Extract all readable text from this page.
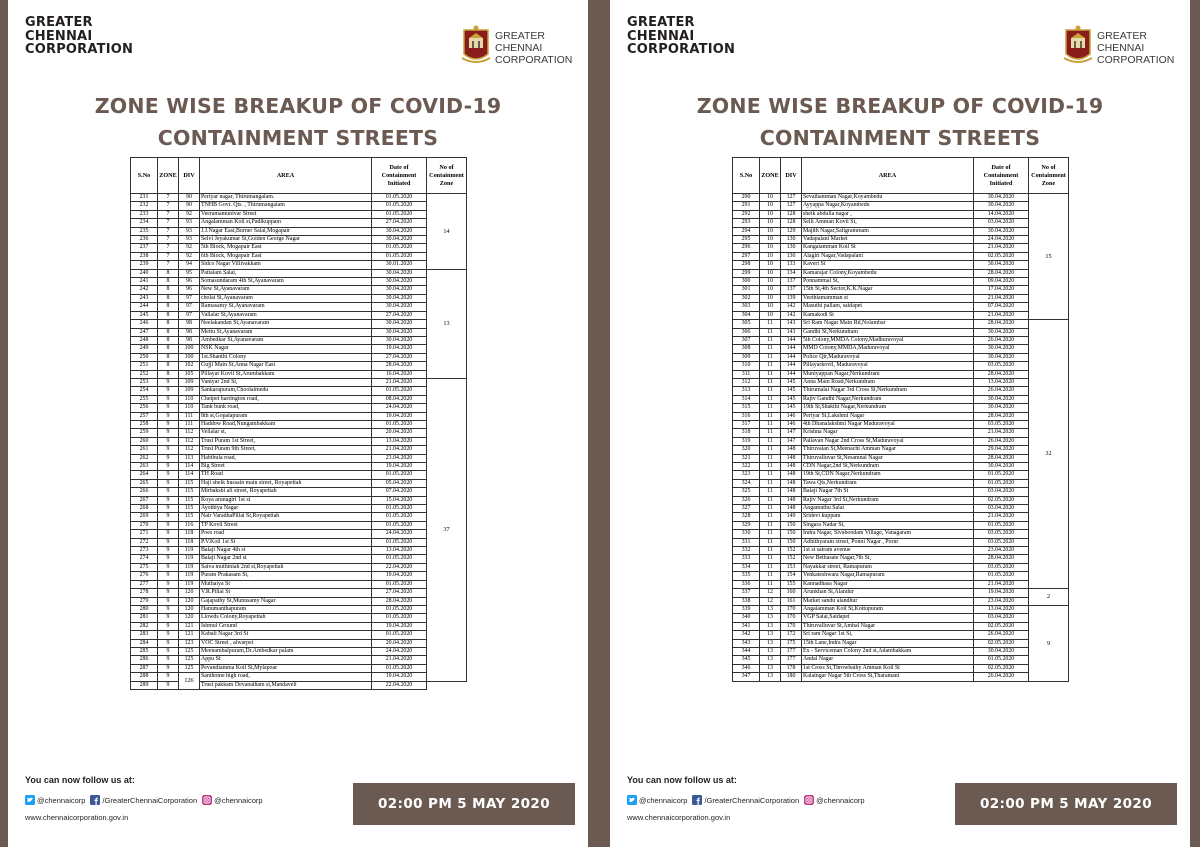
GREATER
CHENNAI
CORPORATION
GREATER
CHENNAI
CORPORATION
ZONE WISE BREAKUP OF COVID-19
CONTAINMENT STREETS
S.No	ZONE	DIV	AREA	Date of Containment Initiated	No of Containment Zone
231	7	90	Periyar nagar, Thirumangalam.	01.05.2020	14
232	7	90	TNHB Govt. Qts. , Thirumangalam	01.05.2020	
233	7	92	Veeramamunivar Street	01.05.2020	
234	7	93	Angalamman Koil st,Padikuppam	27.04.2020	
235	7	93	J.J.Nagar East,Burner Salai,Mogapair	30.04.2020	
236	7	93	Selvi Jeyakumar St,Golden George Nagar	30.04.2020	
237	7	92	5th Block, Mogapair East	01.05.2020	
238	7	92	6th Block, Mogapair East	01.05.2020	
239	7	94	Sidco Nagar Villivakkam	30.01.2020	
240	8	95	Pattalam Salai,	30.04.2020	13
241	8	96	Somasundaram 4th St,Ayanavaram	30.04.2020	
242	8	96	New St,Ayanavaram	30.04.2020	
243	8	97	cholai St,Ayanavaram	30.04.2020	
244	8	97	Ramasamy St,Ayanavaram	30.04.2020	
245	8	97	Vallalar St,Ayanavaram	27.04.2020	
246	8	98	Neelakandan St,Ayanavaram	30.04.2020	
247	8	98	Mettu St,Ayanavaram	30.04.2020	
248	8	98	Ambedkar St,Ayanavaram	30.04.2020	
249	8	100	NSK Nagar	19.04.2020	
250	8	100	1st.Shanthi Colony	27.04.2020	
251	8	102	Gujji Main St,Anna Nagar East	28.04.2020	
252	8	105	Pillayar Kovil St,Arumbakkam	16.04.2020	
253	9	109	Vaniyar 2nd St,	21.04.2020	37
254	9	109	Sankarapuram,Choolaimedu	01.05.2020	
255	9	110	Chetpet harrington road,	08.04.2020	
256	9	110	Tank bunk road,	24.04.2020	
257	9	111	8th st,Gopalapuram	19.04.2020	
258	9	111	Haddow Road,Nungambakkam	01.05.2020	
259	9	112	Vellalar st,	20.04.2020	
260	9	112	Trust Puram 1st Street,	13.04.2020	
261	9	112	Trust Puram 9th Street,	21.04.2020	
262	9	113	Habibula road,	23.04.2020	
263	9	114	Big Street	19.04.2020	
264	9	114	TH Road	01.05.2020	
265	9	115	Haji sheik hussain main street, Royapettah	05.04.2020	
266	9	115	Mirbakshi ali street, Royapettah	07.04.2020	
267	9	115	Koya arunagiri 1st st	15.04.2020	
268	9	115	Ayothiya Nagar	01.05.2020	
269	9	115	Nair VaradhaPillai St,Royapettah	01.05.2020	
270	9	116	TP Kovil Street	01.05.2020	
271	9	118	Poes road	24.04.2020	
272	9	118	P.V.Koil 1st St	01.05.2020	
273	9	119	Balaji Nagar 4th st	13.04.2020	
274	9	119	Balaji Nagar 2nd st	01.05.2020	
275	9	119	Saiva muthiniah 2nd st,Royapettah	22.04.2020	
276	9	119	Puram Prakasam St,	19.04.2020	
277	9	119	Muthaiya St	01.05.2020	
278	9	120	V.R.Pillai St	27.04.2020	
279	9	120	Gajapathy St,Munusamy Nagar	28.04.2020	
280	9	120	Hanumanthapuram	01.05.2020	
281	9	120	Llowds Colony,Royapettah	01.05.2020	
282	9	121	Ishmul Ground	19.04.2020	
283	9	121	Kabali Nagar 3rd St	01.05.2020	
284	9	123	VOC Street , alwarpet	20.04.2020	
285	9	125	Meenambalpuram,Dr.Ambedkar palam	24.04.2020	
286	9	125	Appu St	21.04.2020	
287	9	125	Pevandiamma Koil St,Mylapoar	01.05.2020	
288	9	126	Santhome high road,	19.04.2020	
289	9		Trust pakkam Devanatham st,Mandaveli	22.04.2020	
You can now follow us at:
@chennaicorp /GreaterChennaiCorporation @chennaicorp
www.chennaicorporation.gov.in
02:00 PM 5 MAY 2020
GREATER
CHENNAI
CORPORATION
GREATER
CHENNAI
CORPORATION
ZONE WISE BREAKUP OF COVID-19
CONTAINMENT STREETS
S.No	ZONE	DIV	AREA	Date of Containment Initiated	No of Containment Zone
290	10	127	Sevathamman Nagar,Koyambedu	30.04.2020	15
291	10	127	Ayyappa Nagar,Koyambedu	30.04.2020	
292	10	128	sheik abdulla nagar ,	14.04.2020	
293	10	128	Selli Amman Kovil St,	03.04.2020	
294	10	129	Majith Nagar,Saligrammam	30.04.2020	
295	10	130	Vadapalani Market	24.04.2020	
296	10	130	Kangaiamman Koil St	21.04.2020	
297	10	130	Alagiri Nagar,Vadapalani	02.05.2020	
298	10	133	Kaveri St	30.04.2020	
299	10	134	Kamarajar Colony,Koyambedu	28.04.2020	
300	10	137	Ponnammal St,	09.04.2020	
301	10	137	15th St,4th Sector,K.K.Nagar	17.04.2020	
302	10	139	Veethiamamman st	21.04.2020	
303	10	142	Masuthi pallam, saidapet	07.04.2020	
304	10	142	Kamakodi St	21.04.2020	
305	11	143	Sri Ram Nagar Main Rd,Nolambar	28.04.2020	32
306	11	143	Gandhi St,Nerkundram	30.04.2020	
307	11	144	5th Colony,MMDA Colony,Madhuravoyal	26.04.2020	
308	11	144	MMD Colony,MMDA,Maduravoyal	30.04.2020	
309	11	144	Police Qtr,Maduravoyal	30.04.2020	
310	11	144	Pillayarkovil, Maduravoyal	03.05.2020	
311	11	144	Muniyappan Nagar,Nerkundram	28.04.2020	
312	11	145	Anna Main Road,Nerkundram	13.04.2020	
313	11	145	Thirumalai Nagar 3rd Cross St,Nerkundram	26.04.2020	
314	11	145	Rajiv Gandhi Nagar,Nerkundram	30.04.2020	
315	11	145	19th St,Shakthi Nagar,Nerkundram	30.04.2020	
316	11	146	Periyar St,Lakshmi Nagar	28.04.2020	
317	11	146	4th Dhanalakshmi Nagar Maduravoyal	03.05.2020	
318	11	147	Krishna Nagar	21.04.2020	
319	11	147	Pallavan Nagar 2nd Cross St,Maduravoyal	26.04.2020	
320	11	148	Thiruvalan St,Meenachi Amman Nagar	29.04.2020	
321	11	148	Thiruvalluvar St,Nesamnal Nagar	28.04.2020	
322	11	148	CDN Nagar,2nd St,Nerkundram	30.04.2020	
323	11	148	19th St,CDN Nagar,Nerkundram	01.05.2020	
324	11	148	Tawa Qts,Nerkundram	01.05.2020	
325	11	148	Balaji Nagar 7th St	03.04.2020	
326	11	148	Rajiv Nagar 3rd St,Nerkundram	02.05.2020	
327	11	148	Angamuthu Salai	03.04.2020	
328	11	149	Sridevi kuppam	21.04.2020	
329	11	150	Singara Nadar St,	01.05.2020	
330	11	150	Indra Nagar, Sivaboodam Village, Vanagaram	03.05.2020	
331	11	150	Adhithyaram street, Ponni Nagar , Porur	03.05.2020	
332	11	152	1st st sairam avenue	23.04.2020	
333	11	152	New Bethasate Nagar,7th St,	28.04.2020	
334	11	153	Nayakkar street, Ramapuram	03.05.2020	
335	11	154	Venkateshwara Nagar,Ramapuram	01.05.2020	
336	11	155	Kannadhasa Nagar	21.04.2020	
337	12	160	Arunkhan St,Alandur	19.04.2020	2
338	12	161	Market sandu alandhur	23.04.2020	
339	13	170	Angalamman Koil St,Kottupuram	13.04.2020	9
340	13	170	VGP Salai,Saidapet	03.04.2020	
341	13	170	Thiruvalluvar St,Ambal Nagar	02.05.2020	
342	13	172	Sri ram Nagar 1st St,	26.04.2020	
343	13	175	15th Lane,Indra Nagar	02.05.2020	
344	13	177	Ex - Serviceman Colony 2nd st,Adambakkam	30.04.2020	
345	13	177	Andal Nagar	01.05.2020	
346	13	178	1st Cross St,Throwbathy Amman Koil St	02.05.2020	
347	13	180	Kalaingar Nagar 5th Cross St,Tharamani	26.04.2020	
You can now follow us at:
@chennaicorp /GreaterChennaiCorporation @chennaicorp
www.chennaicorporation.gov.in
02:00 PM 5 MAY 2020
